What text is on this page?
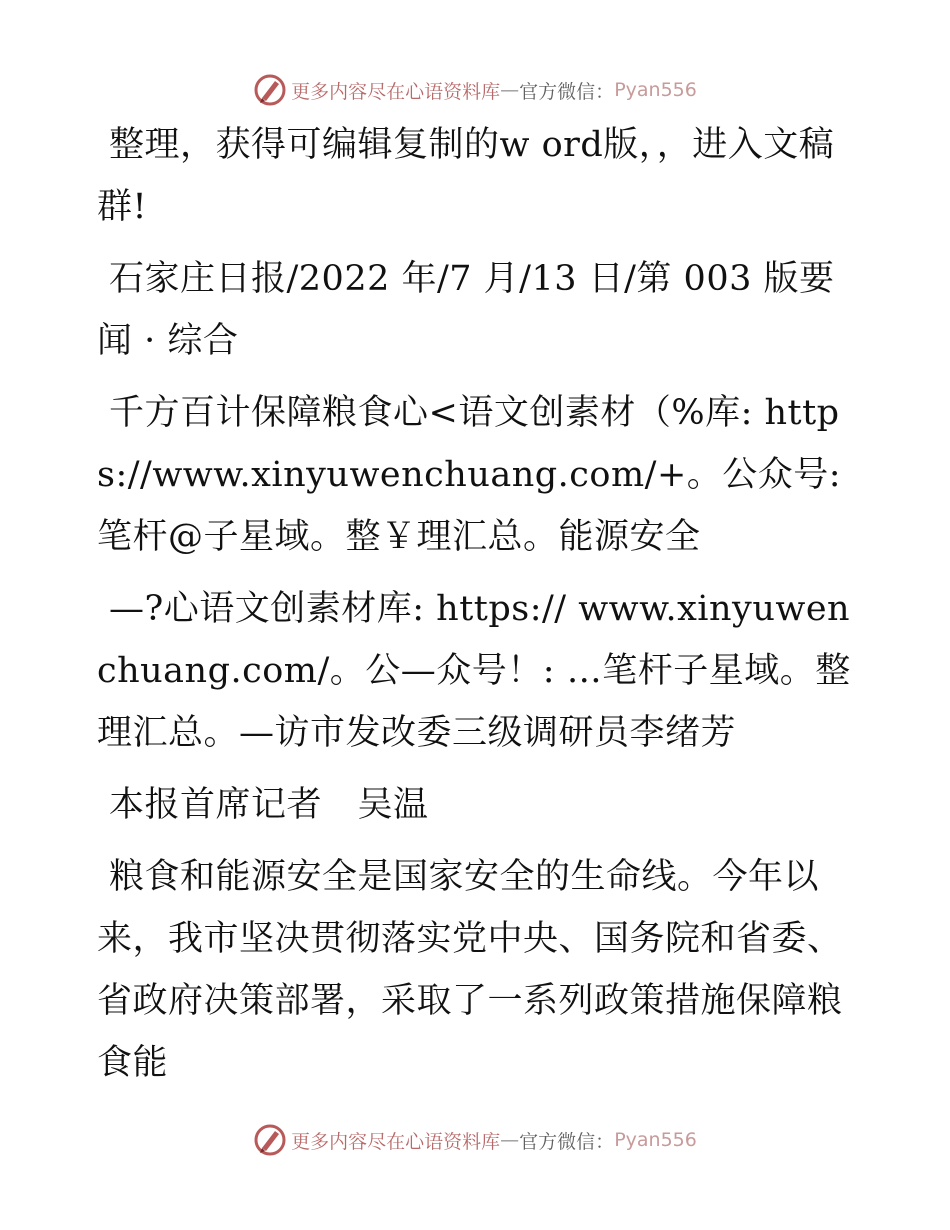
更多内容尽在心语资料库 — 官方微信： Pyan556

整理，获得可编辑复制的w ord版，，进入文稿群!

石家庄日报/2022 年/7 月/13 日/第 003 版要闻 · 综合

千方百计保障粮食心<语文创素材（%库: https://www.xinyuwenchuang.com/+。公众号: 笔杆@子星域。整￥理汇总。能源安全

—?心语文创素材库: https:// www.xinyuwenchuang.com/。公—众号！: …笔杆子星域。整理汇总。—访市发改委三级调研员李绪芳

本报首席记者　吴温

粮食和能源安全是国家安全的生命线。今年以来，我市坚决贯彻落实党中央、国务院和省委、省政府决策部署，采取了一系列政策措施保障粮食能

更多内容尽在心语资料库 — 官方微信： Pyan556
